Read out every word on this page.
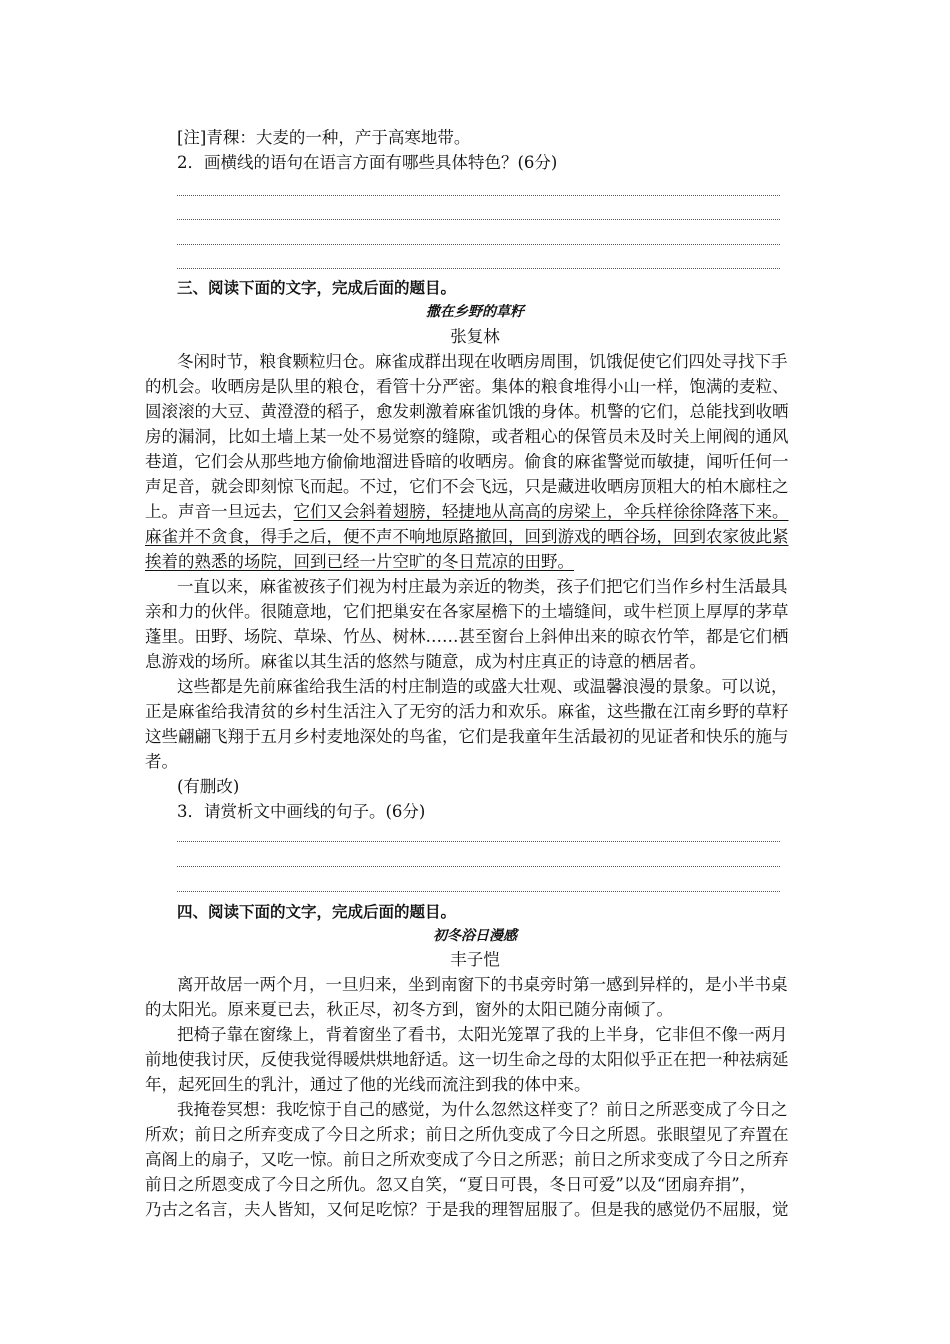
[注]青稞：大麦的一种，产于高寒地带。
2．画横线的语句在语言方面有哪些具体特色？(6分)
三、阅读下面的文字，完成后面的题目。
撒在乡野的草籽
张复林
冬闲时节，粮食颗粒归仓。麻雀成群出现在收晒房周围，饥饿促使它们四处寻找下手
的机会。收晒房是队里的粮仓，看管十分严密。集体的粮食堆得小山一样，饱满的麦粒、
圆滚滚的大豆、黄澄澄的稻子，愈发刺激着麻雀饥饿的身体。机警的它们，总能找到收晒
房的漏洞，比如土墙上某一处不易觉察的缝隙，或者粗心的保管员未及时关上闸阀的通风
巷道，它们会从那些地方偷偷地溜进昏暗的收晒房。偷食的麻雀警觉而敏捷，闻听任何一
声足音，就会即刻惊飞而起。不过，它们不会飞远，只是藏进收晒房顶粗大的柏木廊柱之
上。声音一旦远去，它们又会斜着翅膀，轻捷地从高高的房梁上，伞兵样徐徐降落下来。
麻雀并不贪食，得手之后，便不声不响地原路撤回，回到游戏的晒谷场，回到农家彼此紧
挨着的熟悉的场院，回到已经一片空旷的冬日荒凉的田野。
一直以来，麻雀被孩子们视为村庄最为亲近的物类，孩子们把它们当作乡村生活最具
亲和力的伙伴。很随意地，它们把巢安在各家屋檐下的土墙缝间，或牛栏顶上厚厚的茅草
蓬里。田野、场院、草垛、竹丛、树林……甚至窗台上斜伸出来的晾衣竹竿，都是它们栖
息游戏的场所。麻雀以其生活的悠然与随意，成为村庄真正的诗意的栖居者。
这些都是先前麻雀给我生活的村庄制造的或盛大壮观、或温馨浪漫的景象。可以说，
正是麻雀给我清贫的乡村生活注入了无穷的活力和欢乐。麻雀，这些撒在江南乡野的草籽
这些翩翩飞翔于五月乡村麦地深处的鸟雀，它们是我童年生活最初的见证者和快乐的施与
者。
(有删改)
3．请赏析文中画线的句子。(6分)
四、阅读下面的文字，完成后面的题目。
初冬浴日漫感
丰子恺
离开故居一两个月，一旦归来，坐到南窗下的书桌旁时第一感到异样的，是小半书桌
的太阳光。原来夏已去，秋正尽，初冬方到，窗外的太阳已随分南倾了。
把椅子靠在窗缘上，背着窗坐了看书，太阳光笼罩了我的上半身，它非但不像一两月
前地使我讨厌，反使我觉得暖烘烘地舒适。这一切生命之母的太阳似乎正在把一种祛病延
年，起死回生的乳汁，通过了他的光线而流注到我的体中来。
我掩卷冥想：我吃惊于自己的感觉，为什么忽然这样变了？前日之所恶变成了今日之
所欢；前日之所弃变成了今日之所求；前日之所仇变成了今日之所恩。张眼望见了弃置在
高阁上的扇子，又吃一惊。前日之所欢变成了今日之所恶；前日之所求变成了今日之所弃
前日之所恩变成了今日之所仇。忽又自笑，“夏日可畏，冬日可爱”以及“团扇弃捐”，
乃古之名言，夫人皆知，又何足吃惊？于是我的理智屈服了。但是我的感觉仍不屈服，觉
